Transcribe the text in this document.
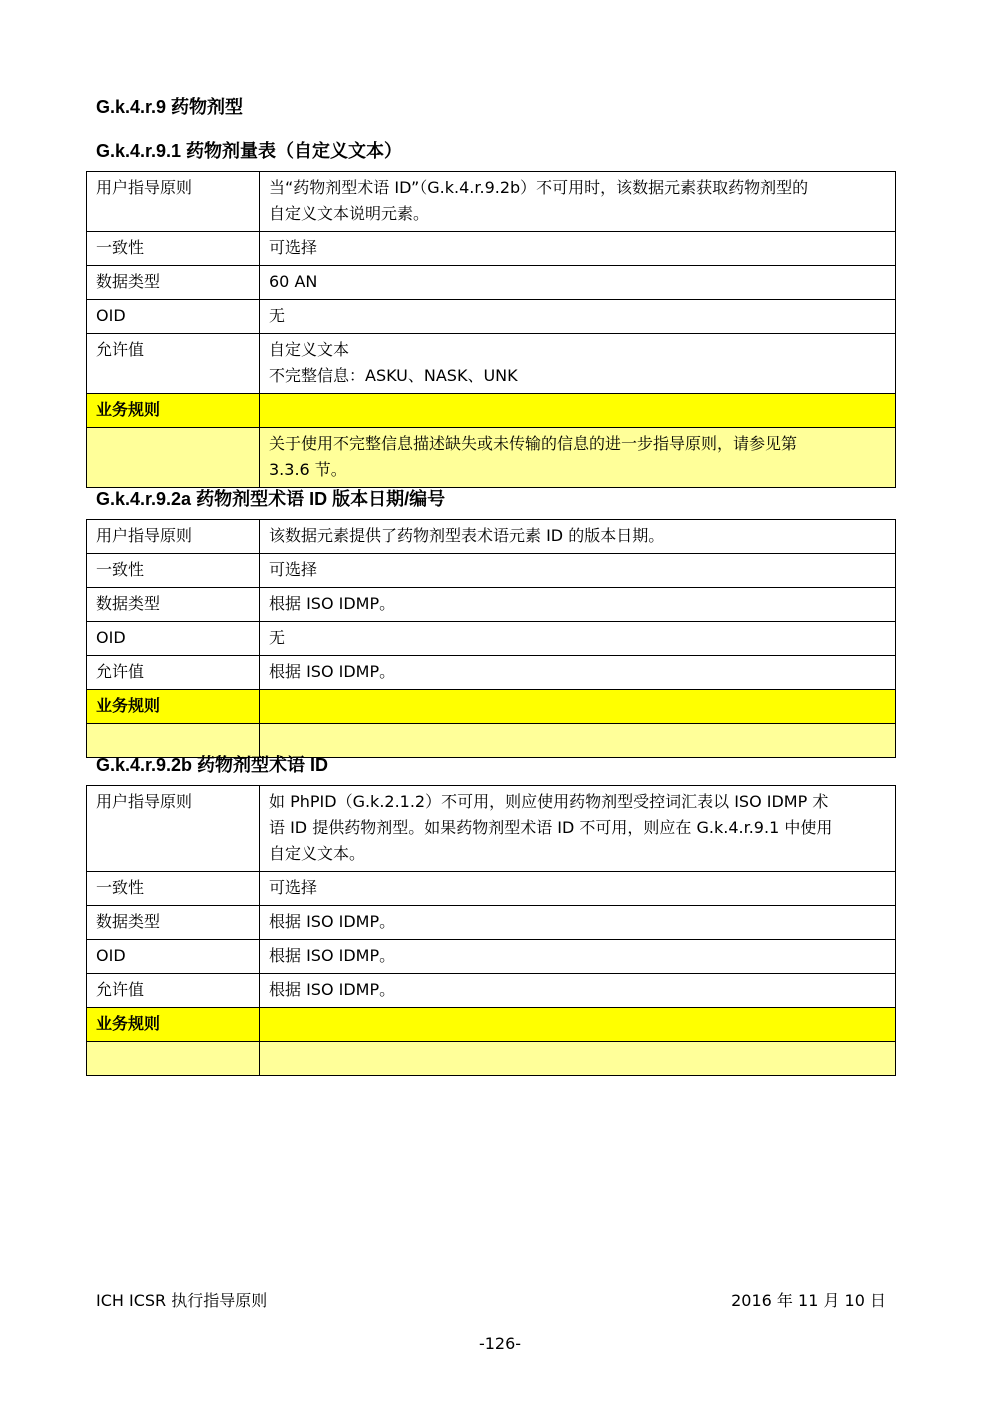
G.k.4.r.9 药物剂型
G.k.4.r.9.1 药物剂量表（自定义文本）
用户指导原则	当“药物剂型术语 ID”（G.k.4.r.9.2b）不可用时，该数据元素获取药物剂型的
自定义文本说明元素。

一致性	可选择
数据类型	60 AN
OID	无
允许值	自定义文本
不完整信息：ASKU、NASK、UNK

业务规则	

	关于使用不完整信息描述缺失或未传输的信息的进一步指导原则，请参见第
3.3.6 节。
G.k.4.r.9.2a 药物剂型术语 ID 版本日期/编号
用户指导原则	该数据元素提供了药物剂型表术语元素 ID 的版本日期。
一致性	可选择
数据类型	根据 ISO IDMP。
OID	无
允许值	根据 ISO IDMP。
业务规则	

G.k.4.r.9.2b 药物剂型术语 ID
用户指导原则	如 PhPID（G.k.2.1.2）不可用，则应使用药物剂型受控词汇表以 ISO IDMP 术
语 ID 提供药物剂型。如果药物剂型术语 ID 不可用，则应在 G.k.4.r.9.1 中使用
自定义文本。

一致性	可选择
数据类型	根据 ISO IDMP。
OID	根据 ISO IDMP。
允许值	根据 ISO IDMP。
业务规则	

ICH ICSR 执行指导原则	2016 年 11 月 10 日
-126-
